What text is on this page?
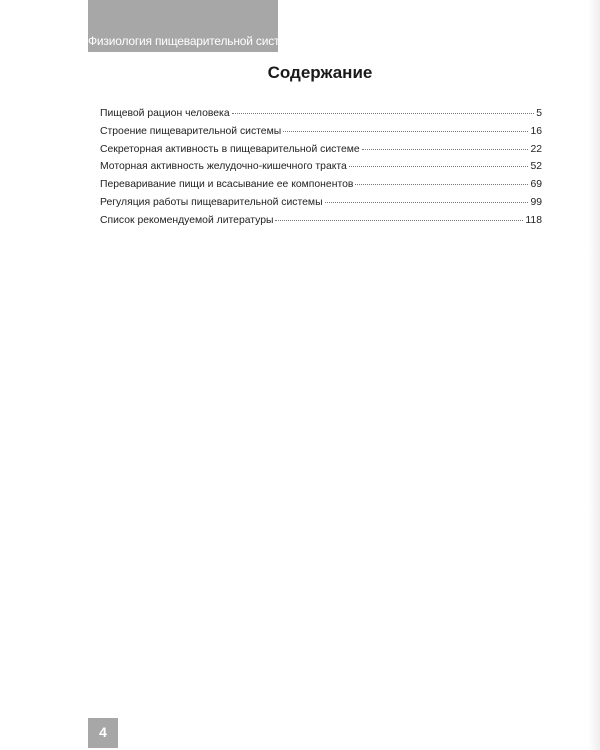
Физиология пищеварительной системы
Содержание
Пищевой рацион человека	5
Строение пищеварительной системы	16
Секреторная активность в пищеварительной системе	22
Моторная активность желудочно-кишечного тракта	52
Переваривание пищи и всасывание ее компонентов	69
Регуляция работы пищеварительной системы	99
Список рекомендуемой литературы	118
4
